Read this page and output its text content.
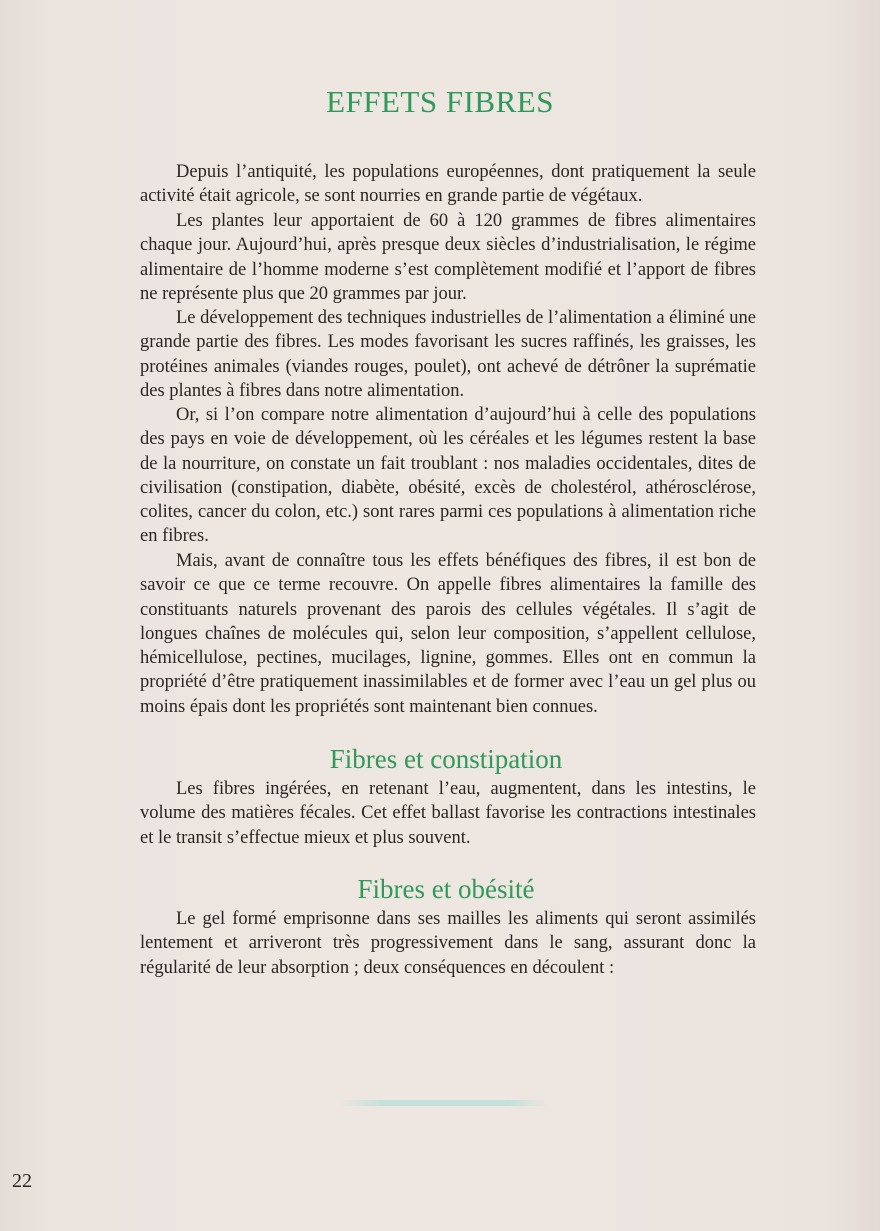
EFFETS FIBRES

Depuis l’antiquité, les populations européennes, dont pratiquement la seule activité était agricole, se sont nourries en grande partie de végétaux.

Les plantes leur apportaient de 60 à 120 grammes de fibres alimentaires chaque jour. Aujourd’hui, après presque deux siècles d’industrialisation, le régime alimentaire de l’homme moderne s’est complètement modifié et l’apport de fibres ne représente plus que 20 grammes par jour.

Le développement des techniques industrielles de l’alimentation a éliminé une grande partie des fibres. Les modes favorisant les sucres raffinés, les graisses, les protéines animales (viandes rouges, poulet), ont achevé de détrôner la suprématie des plantes à fibres dans notre alimentation.

Or, si l’on compare notre alimentation d’aujourd’hui à celle des populations des pays en voie de développement, où les céréales et les légumes restent la base de la nourriture, on constate un fait troublant : nos maladies occidentales, dites de civilisation (constipation, diabète, obésité, excès de cholestérol, athérosclérose, colites, cancer du colon, etc.) sont rares parmi ces populations à alimentation riche en fibres.

Mais, avant de connaître tous les effets bénéfiques des fibres, il est bon de savoir ce que ce terme recouvre. On appelle fibres alimentaires la famille des constituants naturels provenant des parois des cellules végétales. Il s’agit de longues chaînes de molécules qui, selon leur composition, s’appellent cellulose, hémicellulose, pectines, mucilages, lignine, gommes. Elles ont en commun la propriété d’être pratiquement inassimilables et de former avec l’eau un gel plus ou moins épais dont les propriétés sont maintenant bien connues.

Fibres et constipation

Les fibres ingérées, en retenant l’eau, augmentent, dans les intestins, le volume des matières fécales. Cet effet ballast favorise les contractions intestinales et le transit s’effectue mieux et plus souvent.

Fibres et obésité

Le gel formé emprisonne dans ses mailles les aliments qui seront assimilés lentement et arriveront très progressivement dans le sang, assurant donc la régularité de leur absorption ; deux conséquences en découlent :

22
